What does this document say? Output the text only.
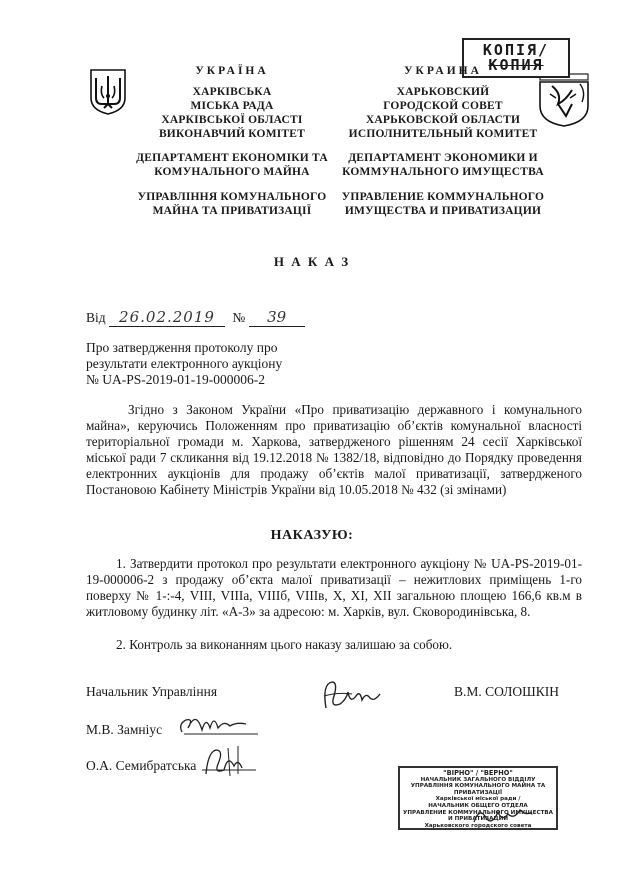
КОПІЯ/
КОПИЯ
УКРАЇНА
ХАРКІВСЬКА
МІСЬКА РАДА
ХАРКІВСЬКОЇ ОБЛАСТІ
ВИКОНАВЧИЙ КОМІТЕТ
ДЕПАРТАМЕНТ ЕКОНОМІКИ ТА
КОМУНАЛЬНОГО МАЙНА
УПРАВЛІННЯ КОМУНАЛЬНОГО
МАЙНА ТА ПРИВАТИЗАЦІЇ
УКРАИНА
ХАРЬКОВСКИЙ
ГОРОДСКОЙ СОВЕТ
ХАРЬКОВСКОЙ ОБЛАСТИ
ИСПОЛНИТЕЛЬНЫЙ КОМИТЕТ
ДЕПАРТАМЕНТ ЭКОНОМИКИ И
КОММУНАЛЬНОГО ИМУЩЕСТВА
УПРАВЛЕНИЕ КОММУНАЛЬНОГО
ИМУЩЕСТВА И ПРИВАТИЗАЦИИ
Н А К А З
Від 26.02.2019 № 39
Про затвердження протоколу про
результати електронного аукціону
№ UA-PS-2019-01-19-000006-2
Згідно з Законом України «Про приватизацію державного і комунального майна», керуючись Положенням про приватизацію об’єктів комунальної власності територіальної громади м. Харкова, затвердженого рішенням 24 сесії Харківської міської ради 7 скликання від 19.12.2018 № 1382/18, відповідно до Порядку проведення електронних аукціонів для продажу об’єктів малої приватизації, затвердженого Постановою Кабінету Міністрів України від 10.05.2018 № 432 (зі змінами)
НАКАЗУЮ:
1. Затвердити протокол про результати електронного аукціону № UA-PS-2019-01-19-000006-2 з продажу об’єкта малої приватизації – нежитлових приміщень 1-го поверху № 1-:-4, VIII, VIIIа, VIIIб, VIIIв, X, XI, XII загальною площею 166,6 кв.м в житловому будинку літ. «А-3» за адресою: м. Харків, вул. Сковородинівська, 8.
2. Контроль за виконанням цього наказу залишаю за собою.
Начальник Управління	В.М. СОЛОШКІН
М.В. Замніус
О.А. Семибратська	"ВІРНО" / "ВЕРНО"
НАЧАЛЬНИК ЗАГАЛЬНОГО ВІДДІЛУ
УПРАВЛІННЯ КОМУНАЛЬНОГО МАЙНА ТА ПРИВАТИЗАЦІЇ
Харківської міської ради /
НАЧАЛЬНИК ОБЩЕГО ОТДЕЛА
УПРАВЛЕНИЕ КОММУНАЛЬНОГО ИМУЩЕСТВА И ПРИВАТИЗАЦИИ
Харьковского городского совета
